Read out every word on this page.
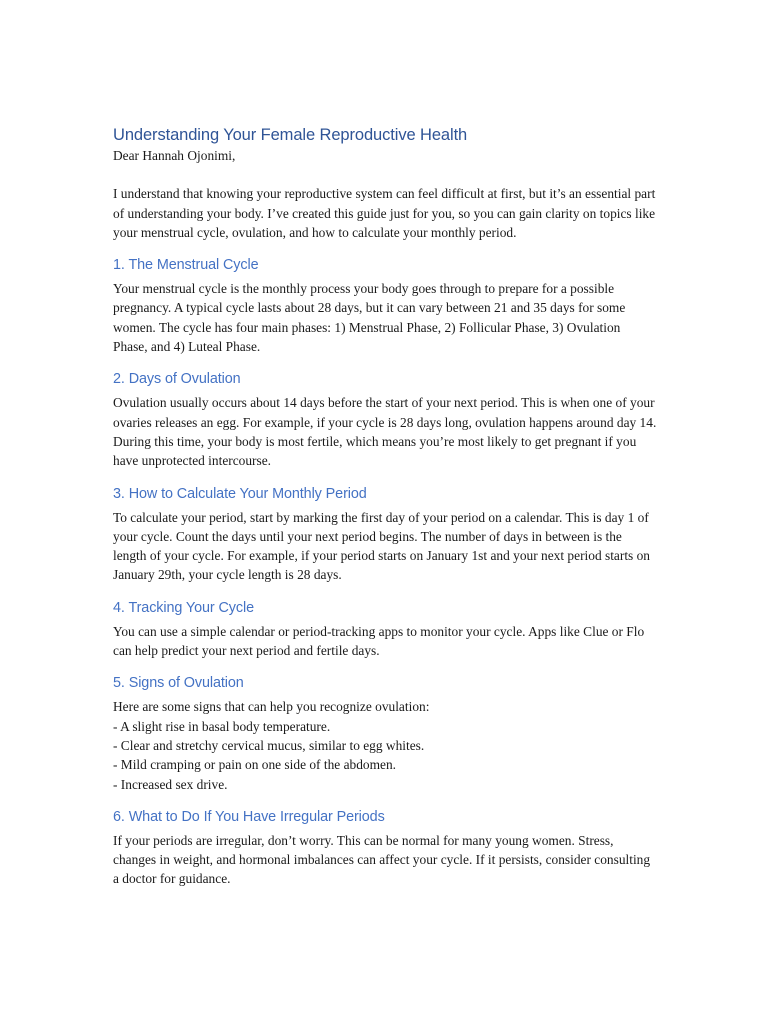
Understanding Your Female Reproductive Health

Dear Hannah Ojonimi,

I understand that knowing your reproductive system can feel difficult at first, but it’s an essential part of understanding your body. I’ve created this guide just for you, so you can gain clarity on topics like your menstrual cycle, ovulation, and how to calculate your monthly period.

1. The Menstrual Cycle

Your menstrual cycle is the monthly process your body goes through to prepare for a possible pregnancy. A typical cycle lasts about 28 days, but it can vary between 21 and 35 days for some women. The cycle has four main phases: 1) Menstrual Phase, 2) Follicular Phase, 3) Ovulation Phase, and 4) Luteal Phase.

2. Days of Ovulation

Ovulation usually occurs about 14 days before the start of your next period. This is when one of your ovaries releases an egg. For example, if your cycle is 28 days long, ovulation happens around day 14. During this time, your body is most fertile, which means you’re most likely to get pregnant if you have unprotected intercourse.

3. How to Calculate Your Monthly Period

To calculate your period, start by marking the first day of your period on a calendar. This is day 1 of your cycle. Count the days until your next period begins. The number of days in between is the length of your cycle. For example, if your period starts on January 1st and your next period starts on January 29th, your cycle length is 28 days.

4. Tracking Your Cycle

You can use a simple calendar or period-tracking apps to monitor your cycle. Apps like Clue or Flo can help predict your next period and fertile days.

5. Signs of Ovulation

Here are some signs that can help you recognize ovulation:

- A slight rise in basal body temperature.
- Clear and stretchy cervical mucus, similar to egg whites.
- Mild cramping or pain on one side of the abdomen.
- Increased sex drive.
6. What to Do If You Have Irregular Periods

If your periods are irregular, don’t worry. This can be normal for many young women. Stress, changes in weight, and hormonal imbalances can affect your cycle. If it persists, consider consulting a doctor for guidance.
